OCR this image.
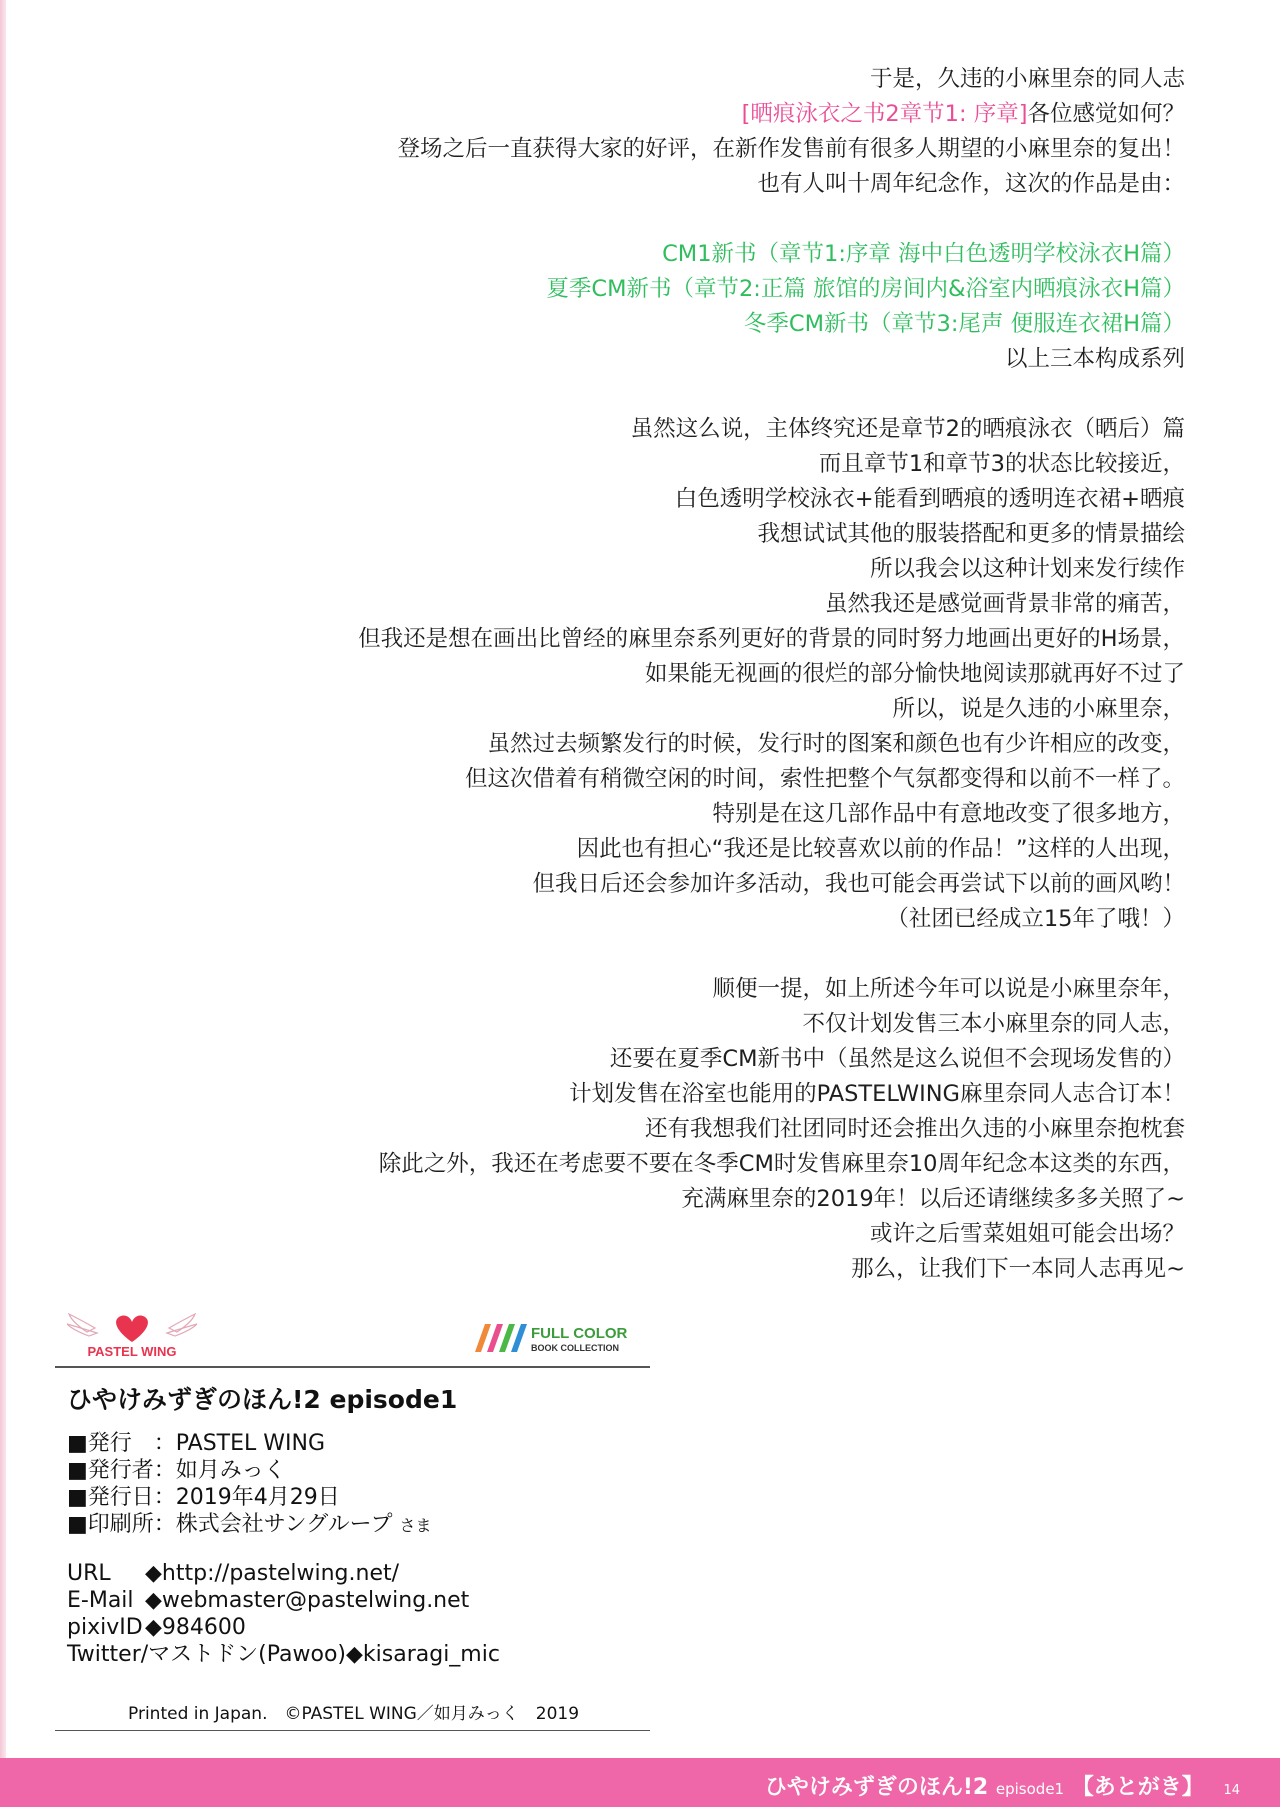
于是，久违的小麻里奈的同人志
[晒痕泳衣之书2章节1: 序章]各位感觉如何？
登场之后一直获得大家的好评，在新作发售前有很多人期望的小麻里奈的复出！
也有人叫十周年纪念作，这次的作品是由：
CM1新书（章节1:序章 海中白色透明学校泳衣H篇）
夏季CM新书（章节2:正篇 旅馆的房间内&浴室内晒痕泳衣H篇）
冬季CM新书（章节3:尾声 便服连衣裙H篇）
以上三本构成系列
虽然这么说，主体终究还是章节2的晒痕泳衣（晒后）篇
而且章节1和章节3的状态比较接近，
白色透明学校泳衣+能看到晒痕的透明连衣裙+晒痕
我想试试其他的服装搭配和更多的情景描绘
所以我会以这种计划来发行续作
虽然我还是感觉画背景非常的痛苦，
但我还是想在画出比曾经的麻里奈系列更好的背景的同时努力地画出更好的H场景，
如果能无视画的很烂的部分愉快地阅读那就再好不过了
所以，说是久违的小麻里奈，
虽然过去频繁发行的时候，发行时的图案和颜色也有少许相应的改变，
但这次借着有稍微空闲的时间，索性把整个气氛都变得和以前不一样了。
特别是在这几部作品中有意地改变了很多地方，
因此也有担心“我还是比较喜欢以前的作品！”这样的人出现，
但我日后还会参加许多活动，我也可能会再尝试下以前的画风哟！
（社团已经成立15年了哦！）
顺便一提，如上所述今年可以说是小麻里奈年，
不仅计划发售三本小麻里奈的同人志，
还要在夏季CM新书中（虽然是这么说但不会现场发售的）
计划发售在浴室也能用的PASTELWING麻里奈同人志合订本！
还有我想我们社团同时还会推出久违的小麻里奈抱枕套
除此之外，我还在考虑要不要在冬季CM时发售麻里奈10周年纪念本这类的东西，
充满麻里奈的2019年！以后还请继续多多关照了~
或许之后雪菜姐姐可能会出场？
那么，让我们下一本同人志再见~
PASTEL WING
FULL COLOR
BOOK COLLECTION
ひやけみずぎのほん!2 episode1
■発行　：PASTEL WING
■発行者：如月みっく
■発行日：2019年4月29日
■印刷所：株式会社サングループ さま
URL ◆http://pastelwing.net/
E-Mail ◆webmaster@pastelwing.net
pixivID ◆984600
Twitter/マストドン(Pawoo)◆kisaragi_mic
Printed in Japan.　©PASTEL WING／如月みっく　2019
ひやけみずぎのほん!2 episode1 【あとがき】 14
